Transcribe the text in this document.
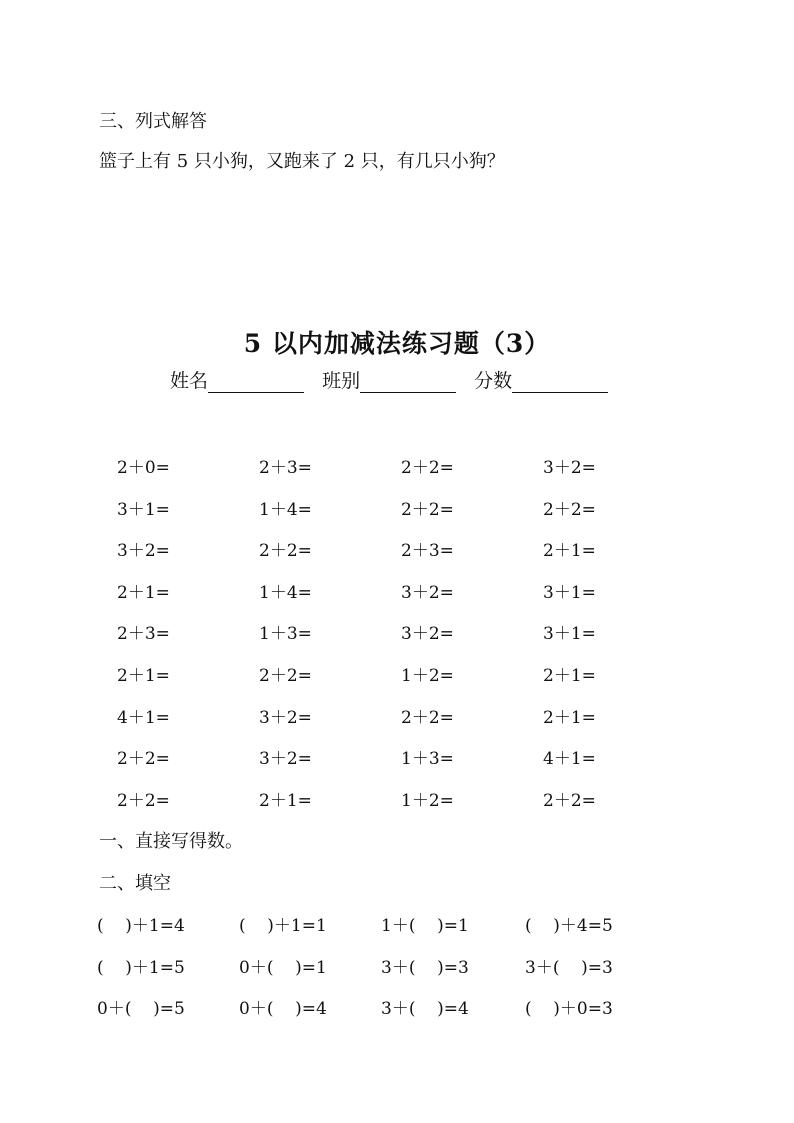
三、列式解答
篮子上有 5 只小狗，又跑来了 2 只，有几只小狗？
5 以内加减法练习题（3）
姓名	班别	分数
2＋0=	2＋3=	2＋2=	3＋2=
3＋1=	1＋4=	2＋2=	2＋2=
3＋2=	2＋2=	2＋3=	2＋1=
2＋1=	1＋4=	3＋2=	3＋1=
2＋3=	1＋3=	3＋2=	3＋1=
2＋1=	2＋2=	1＋2=	2＋1=
4＋1=	3＋2=	2＋2=	2＋1=
2＋2=	3＋2=	1＋3=	4＋1=
2＋2=	2＋1=	1＋2=	2＋2=
一、直接写得数。
二、填空
(    )＋1=4	(    )＋1=1	1＋(    )=1	(    )＋4=5
(    )＋1=5	0＋(    )=1	3＋(    )=3	3＋(    )=3
0＋(    )=5	0＋(    )=4	3＋(    )=4	(    )＋0=3
